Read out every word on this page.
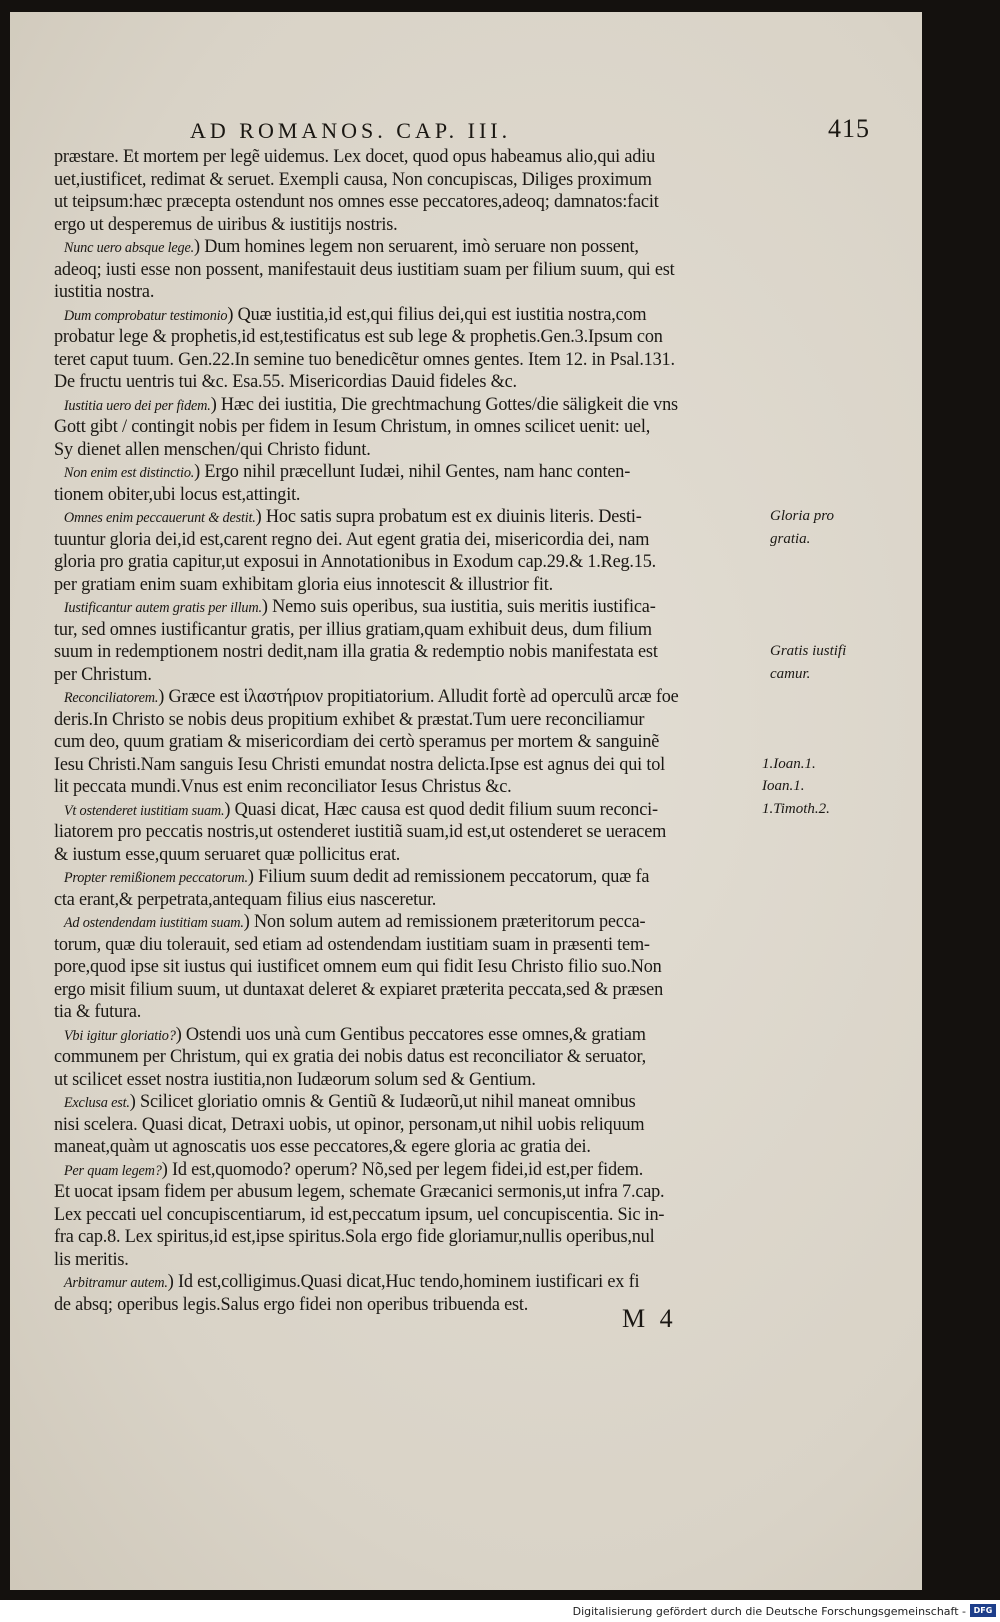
AD ROMANOS. CAP. III.	415
præstare. Et mortem per legẽ uidemus. Lex docet, quod opus habeamus alio,qui adiu
uet,iustificet, redimat & seruet. Exempli causa, Non concupiscas, Diliges proximum
ut teipsum:hæc præcepta ostendunt nos omnes esse peccatores,adeoq; damnatos:facit
ergo ut desperemus de uiribus & iustitijs nostris.
Nunc uero absque lege.) Dum homines legem non seruarent, imò seruare non possent,
adeoq; iusti esse non possent, manifestauit deus iustitiam suam per filium suum, qui est
iustitia nostra.
Dum comprobatur testimonio) Quæ iustitia,id est,qui filius dei,qui est iustitia nostra,com
probatur lege & prophetis,id est,testificatus est sub lege & prophetis.Gen.3.Ipsum con
teret caput tuum. Gen.22.In semine tuo benedicẽtur omnes gentes. Item 12. in Psal.131.
De fructu uentris tui &c. Esa.55. Misericordias Dauid fideles &c.
Iustitia uero dei per fidem.) Hæc dei iustitia, Die grechtmachung Gottes/die säligkeit die vns
Gott gibt / contingit nobis per fidem in Iesum Christum, in omnes scilicet uenit: uel,
Sy dienet allen menschen/qui Christo fidunt.
Non enim est distinctio.) Ergo nihil præcellunt Iudæi, nihil Gentes, nam hanc conten-
tionem obiter,ubi locus est,attingit.
Omnes enim peccauerunt & destit.) Hoc satis supra probatum est ex diuinis literis. Desti-
tuuntur gloria dei,id est,carent regno dei. Aut egent gratia dei, misericordia dei, nam
gloria pro gratia capitur,ut exposui in Annotationibus in Exodum cap.29.& 1.Reg.15.
per gratiam enim suam exhibitam gloria eius innotescit & illustrior fit.
Iustificantur autem gratis per illum.) Nemo suis operibus, sua iustitia, suis meritis iustifica-
tur, sed omnes iustificantur gratis, per illius gratiam,quam exhibuit deus, dum filium
suum in redemptionem nostri dedit,nam illa gratia & redemptio nobis manifestata est
per Christum.
Reconciliatorem.) Græce est ἱλαστήριον propitiatorium. Alludit fortè ad operculũ arcæ foe
deris.In Christo se nobis deus propitium exhibet & præstat.Tum uere reconciliamur
cum deo, quum gratiam & misericordiam dei certò speramus per mortem & sanguinẽ
Iesu Christi.Nam sanguis Iesu Christi emundat nostra delicta.Ipse est agnus dei qui tol
lit peccata mundi.Vnus est enim reconciliator Iesus Christus &c.
Vt ostenderet iustitiam suam.) Quasi dicat, Hæc causa est quod dedit filium suum reconci-
liatorem pro peccatis nostris,ut ostenderet iustitiã suam,id est,ut ostenderet se ueracem
& iustum esse,quum seruaret quæ pollicitus erat.
Propter remißionem peccatorum.) Filium suum dedit ad remissionem peccatorum, quæ fa
cta erant,& perpetrata,antequam filius eius nasceretur.
Ad ostendendam iustitiam suam.) Non solum autem ad remissionem præteritorum pecca-
torum, quæ diu tolerauit, sed etiam ad ostendendam iustitiam suam in præsenti tem-
pore,quod ipse sit iustus qui iustificet omnem eum qui fidit Iesu Christo filio suo.Non
ergo misit filium suum, ut duntaxat deleret & expiaret præterita peccata,sed & præsen
tia & futura.
Vbi igitur gloriatio?) Ostendi uos unà cum Gentibus peccatores esse omnes,& gratiam
communem per Christum, qui ex gratia dei nobis datus est reconciliator & seruator,
ut scilicet esset nostra iustitia,non Iudæorum solum sed & Gentium.
Exclusa est.) Scilicet gloriatio omnis & Gentiũ & Iudæorũ,ut nihil maneat omnibus
nisi scelera. Quasi dicat, Detraxi uobis, ut opinor, personam,ut nihil uobis reliquum
maneat,quàm ut agnoscatis uos esse peccatores,& egere gloria ac gratia dei.
Per quam legem?) Id est,quomodo? operum? Nõ,sed per legem fidei,id est,per fidem.
Et uocat ipsam fidem per abusum legem, schemate Græcanici sermonis,ut infra 7.cap.
Lex peccati uel concupiscentiarum, id est,peccatum ipsum, uel concupiscentia. Sic in-
fra cap.8. Lex spiritus,id est,ipse spiritus.Sola ergo fide gloriamur,nullis operibus,nul
lis meritis.
Arbitramur autem.) Id est,colligimus.Quasi dicat,Huc tendo,hominem iustificari ex fi
de absq; operibus legis.Salus ergo fidei non operibus tribuenda est.
Gloria pro
gratia.
Gratis iustifi
camur.
1.Ioan.1.
Ioan.1.
1.Timoth.2.
M 4
Digitalisierung gefördert durch die Deutsche Forschungsgemeinschaft - DFG
